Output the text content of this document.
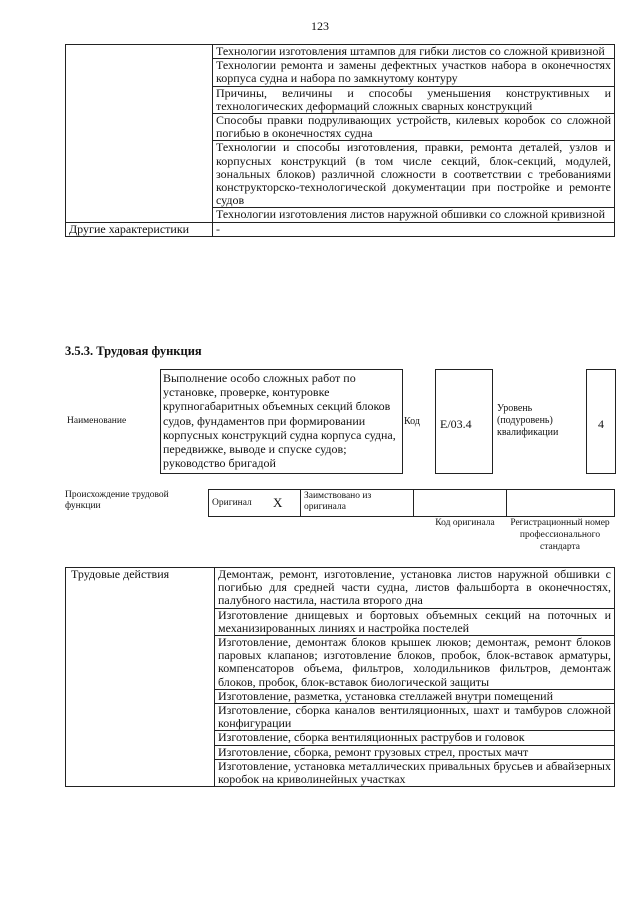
123
	Технологии изготовления штампов для гибки листов со сложной кривизной
	Технологии ремонта и замены дефектных участков набора в оконечностях корпуса судна и набора по замкнутому контуру
	Причины, величины и способы уменьшения конструктивных и технологических деформаций сложных сварных конструкций
	Способы правки подруливающих устройств, килевых коробок со сложной погибью в оконечностях судна
	Технологии и способы изготовления, правки, ремонта деталей, узлов и корпусных конструкций (в том числе секций, блок-секций, модулей, зональных блоков) различной сложности в соответствии с требованиями конструкторско-технологической документации при постройке и ремонте судов
	Технологии изготовления листов наружной обшивки со сложной кривизной
Другие характеристики	-
3.5.3. Трудовая функция
Наименование
Выполнение особо сложных работ по установке, проверке, контуровке крупногабаритных объемных секций блоков судов, фундаментов при формировании корпусных конструкций судна корпуса судна, передвижке, выводе и спуске судов; руководство бригадой
Код	E/03.4
Уровень (подуровень) квалификации
4
Происхождение трудовой функции	Оригинал X	Заимствовано из оригинала
Код оригинала	Регистрационный номер профессионального стандарта
Трудовые действия	Демонтаж, ремонт, изготовление, установка листов наружной обшивки с погибью для средней части судна, листов фальшборта в оконечностях, палубного настила, настила второго дна
Изготовление днищевых и бортовых объемных секций на поточных и механизированных линиях и настройка постелей
Изготовление, демонтаж блоков крышек люков; демонтаж, ремонт блоков паровых клапанов; изготовление блоков, пробок, блок-вставок арматуры, компенсаторов объема, фильтров, холодильников фильтров, демонтаж блоков, пробок, блок-вставок биологической защиты
Изготовление, разметка, установка стеллажей внутри помещений
Изготовление, сборка каналов вентиляционных, шахт и тамбуров сложной конфигурации
Изготовление, сборка вентиляционных раструбов и головок
Изготовление, сборка, ремонт грузовых стрел, простых мачт
Изготовление, установка металлических привальных брусьев и абвайзерных коробок на криволинейных участках
